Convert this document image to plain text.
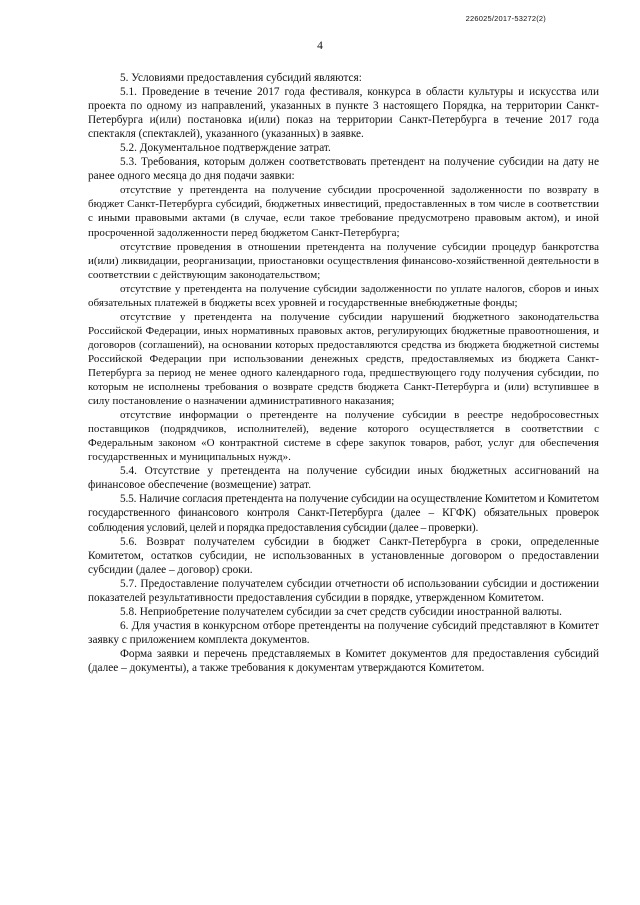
226025/2017-53272(2)
4

5. Условиями предоставления субсидий являются:

5.1. Проведение в течение 2017 года фестиваля, конкурса в области культуры и искусства или проекта по одному из направлений, указанных в пункте 3 настоящего Порядка, на территории Санкт-Петербурга и(или) постановка и(или) показ на территории Санкт-Петербурга в течение 2017 года спектакля (спектаклей), указанного (указанных) в заявке.

5.2. Документальное подтверждение затрат.

5.3. Требования, которым должен соответствовать претендент на получение субсидии на дату не ранее одного месяца до дня подачи заявки:

отсутствие у претендента на получение субсидии просроченной задолженности по возврату в бюджет Санкт-Петербурга субсидий, бюджетных инвестиций, предоставленных в том числе в соответствии с иными правовыми актами (в случае, если такое требование предусмотрено правовым актом), и иной просроченной задолженности перед бюджетом Санкт-Петербурга;

отсутствие проведения в отношении претендента на получение субсидии процедур банкротства и(или) ликвидации, реорганизации, приостановки осуществления финансово-хозяйственной деятельности в соответствии с действующим законодательством;

отсутствие у претендента на получение субсидии задолженности по уплате налогов, сборов и иных обязательных платежей в бюджеты всех уровней и государственные внебюджетные фонды;

отсутствие у претендента на получение субсидии нарушений бюджетного законодательства Российской Федерации, иных нормативных правовых актов, регулирующих бюджетные правоотношения, и договоров (соглашений), на основании которых предоставляются средства из бюджета бюджетной системы Российской Федерации при использовании денежных средств, предоставляемых из бюджета Санкт-Петербурга за период не менее одного календарного года, предшествующего году получения субсидии, по которым не исполнены требования о возврате средств бюджета Санкт-Петербурга и (или) вступившее в силу постановление о назначении административного наказания;

отсутствие информации о претенденте на получение субсидии в реестре недобросовестных поставщиков (подрядчиков, исполнителей), ведение которого осуществляется в соответствии с Федеральным законом «О контрактной системе в сфере закупок товаров, работ, услуг для обеспечения государственных и муниципальных нужд».

5.4. Отсутствие у претендента на получение субсидии иных бюджетных ассигнований на финансовое обеспечение (возмещение) затрат.

5.5. Наличие согласия претендента на получение субсидии на осуществление Комитетом и Комитетом государственного финансового контроля Санкт-Петербурга (далее – КГФК) обязательных проверок соблюдения условий, целей и порядка предоставления субсидии (далее – проверки).

5.6. Возврат получателем субсидии в бюджет Санкт-Петербурга в сроки, определенные Комитетом, остатков субсидии, не использованных в установленные договором о предоставлении субсидии (далее – договор) сроки.

5.7. Предоставление получателем субсидии отчетности об использовании субсидии и достижении показателей результативности предоставления субсидии в порядке, утвержденном Комитетом.

5.8. Неприобретение получателем субсидии за счет средств субсидии иностранной валюты.

6. Для участия в конкурсном отборе претенденты на получение субсидий представляют в Комитет заявку с приложением комплекта документов.

Форма заявки и перечень представляемых в Комитет документов для предоставления субсидий (далее – документы), а также требования к документам утверждаются Комитетом.
